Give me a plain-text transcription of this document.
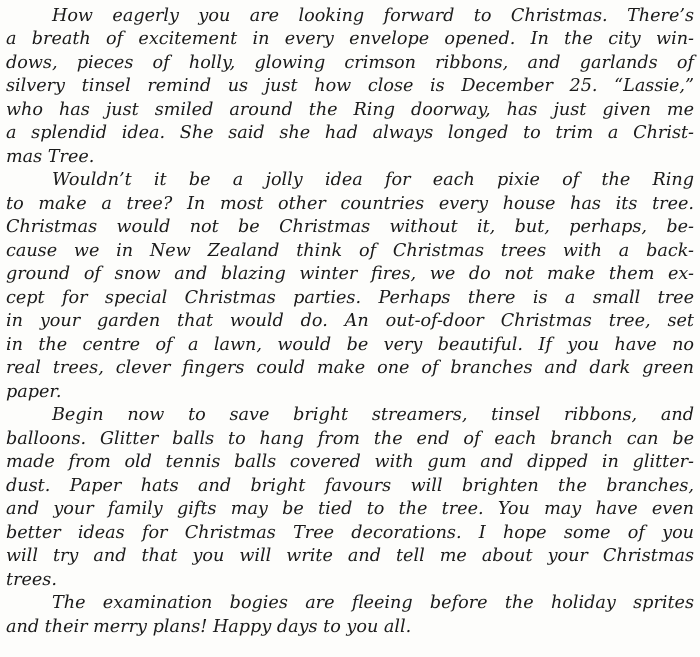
How eagerly you are looking forward to Christmas. There’s

a breath of excitement in every envelope opened. In the city win-

dows, pieces of holly, glowing crimson ribbons, and garlands of

silvery tinsel remind us just how close is December 25. “Lassie,”

who has just smiled around the Ring doorway, has just given me

a splendid idea. She said she had always longed to trim a Christ-

mas Tree.

Wouldn’t it be a jolly idea for each pixie of the Ring

to make a tree? In most other countries every house has its tree.

Christmas would not be Christmas without it, but, perhaps, be-

cause we in New Zealand think of Christmas trees with a back-

ground of snow and blazing winter fires, we do not make them ex-

cept for special Christmas parties. Perhaps there is a small tree

in your garden that would do. An out-of-door Christmas tree, set

in the centre of a lawn, would be very beautiful. If you have no

real trees, clever fingers could make one of branches and dark green

paper.

Begin now to save bright streamers, tinsel ribbons, and

balloons. Glitter balls to hang from the end of each branch can be

made from old tennis balls covered with gum and dipped in glitter-

dust. Paper hats and bright favours will brighten the branches,

and your family gifts may be tied to the tree. You may have even

better ideas for Christmas Tree decorations. I hope some of you

will try and that you will write and tell me about your Christmas

trees.

The examination bogies are fleeing before the holiday sprites

and their merry plans! Happy days to you all.
